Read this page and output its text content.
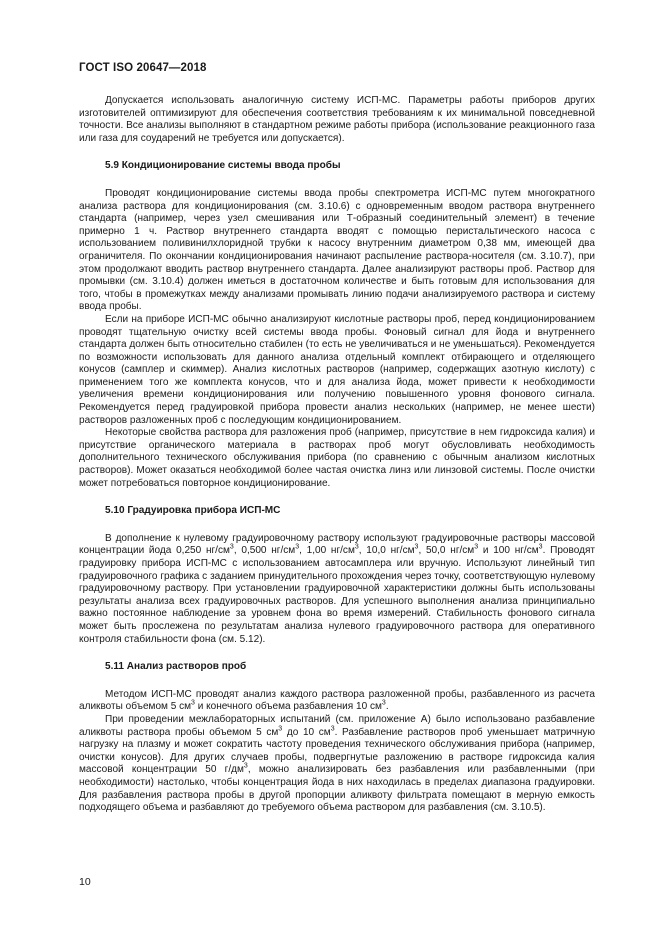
ГОСТ ISO 20647—2018

Допускается использовать аналогичную систему ИСП-МС. Параметры работы приборов других изготовителей оптимизируют для обеспечения соответствия требованиям к их минимальной повседневной точности. Все анализы выполняют в стандартном режиме работы прибора (использование реакционного газа или газа для соударений не требуется или допускается).

5.9 Кондиционирование системы ввода пробы

Проводят кондиционирование системы ввода пробы спектрометра ИСП-МС путем многократного анализа раствора для кондиционирования (см. 3.10.6) с одновременным вводом раствора внутреннего стандарта (например, через узел смешивания или Т-образный соединительный элемент) в течение примерно 1 ч. Раствор внутреннего стандарта вводят с помощью перистальтического насоса с использованием поливинилхлоридной трубки к насосу внутренним диаметром 0,38 мм, имеющей два ограничителя. По окончании кондиционирования начинают распыление раствора-носителя (см. 3.10.7), при этом продолжают вводить раствор внутреннего стандарта. Далее анализируют растворы проб. Раствор для промывки (см. 3.10.4) должен иметься в достаточном количестве и быть готовым для использования для того, чтобы в промежутках между анализами промывать линию подачи анализируемого раствора и систему ввода пробы.

Если на приборе ИСП-МС обычно анализируют кислотные растворы проб, перед кондиционированием проводят тщательную очистку всей системы ввода пробы. Фоновый сигнал для йода и внутреннего стандарта должен быть относительно стабилен (то есть не увеличиваться и не уменьшаться). Рекомендуется по возможности использовать для данного анализа отдельный комплект отбирающего и отделяющего конусов (самплер и скиммер). Анализ кислотных растворов (например, содержащих азотную кислоту) с применением того же комплекта конусов, что и для анализа йода, может привести к необходимости увеличения времени кондиционирования или получению повышенного уровня фонового сигнала. Рекомендуется перед градуировкой прибора провести анализ нескольких (например, не менее шести) растворов разложенных проб с последующим кондиционированием.

Некоторые свойства раствора для разложения проб (например, присутствие в нем гидроксида калия) и присутствие органического материала в растворах проб могут обусловливать необходимость дополнительного технического обслуживания прибора (по сравнению с обычным анализом кислотных растворов). Может оказаться необходимой более частая очистка линз или линзовой системы. После очистки может потребоваться повторное кондиционирование.

5.10 Градуировка прибора ИСП-МС

В дополнение к нулевому градуировочному раствору используют градуировочные растворы массовой концентрации йода 0,250 $нг/см^3$, 0,500 $нг/см^3$, 1,00 $нг/см^3$, 10,0 $нг/см^3$, 50,0 $нг/см^3$ и 100 $нг/см^3$. Проводят градуировку прибора ИСП-МС с использованием автосамплера или вручную. Используют линейный тип градуировочного графика с заданием принудительного прохождения через точку, соответствующую нулевому градуировочному раствору. При установлении градуировочной характеристики должны быть использованы результаты анализа всех градуировочных растворов. Для успешного выполнения анализа принципиально важно постоянное наблюдение за уровнем фона во время измерений. Стабильность фонового сигнала может быть прослежена по результатам анализа нулевого градуировочного раствора для оперативного контроля стабильности фона (см. 5.12).

5.11 Анализ растворов проб

Методом ИСП-МС проводят анализ каждого раствора разложенной пробы, разбавленного из расчета аликвоты объемом 5 $см^3$ и конечного объема разбавления 10 $см^3$.

При проведении межлабораторных испытаний (см. приложение А) было использовано разбавление аликвоты раствора пробы объемом 5 $см^3$ до 10 $см^3$. Разбавление растворов проб уменьшает матричную нагрузку на плазму и может сократить частоту проведения технического обслуживания прибора (например, очистки конусов). Для других случаев пробы, подвергнутые разложению в растворе гидроксида калия массовой концентрации 50 $г/дм^3$, можно анализировать без разбавления или разбавленными (при необходимости) настолько, чтобы концентрация йода в них находилась в пределах диапазона градуировки. Для разбавления раствора пробы в другой пропорции аликвоту фильтрата помещают в мерную емкость подходящего объема и разбавляют до требуемого объема раствором для разбавления (см. 3.10.5).

10
